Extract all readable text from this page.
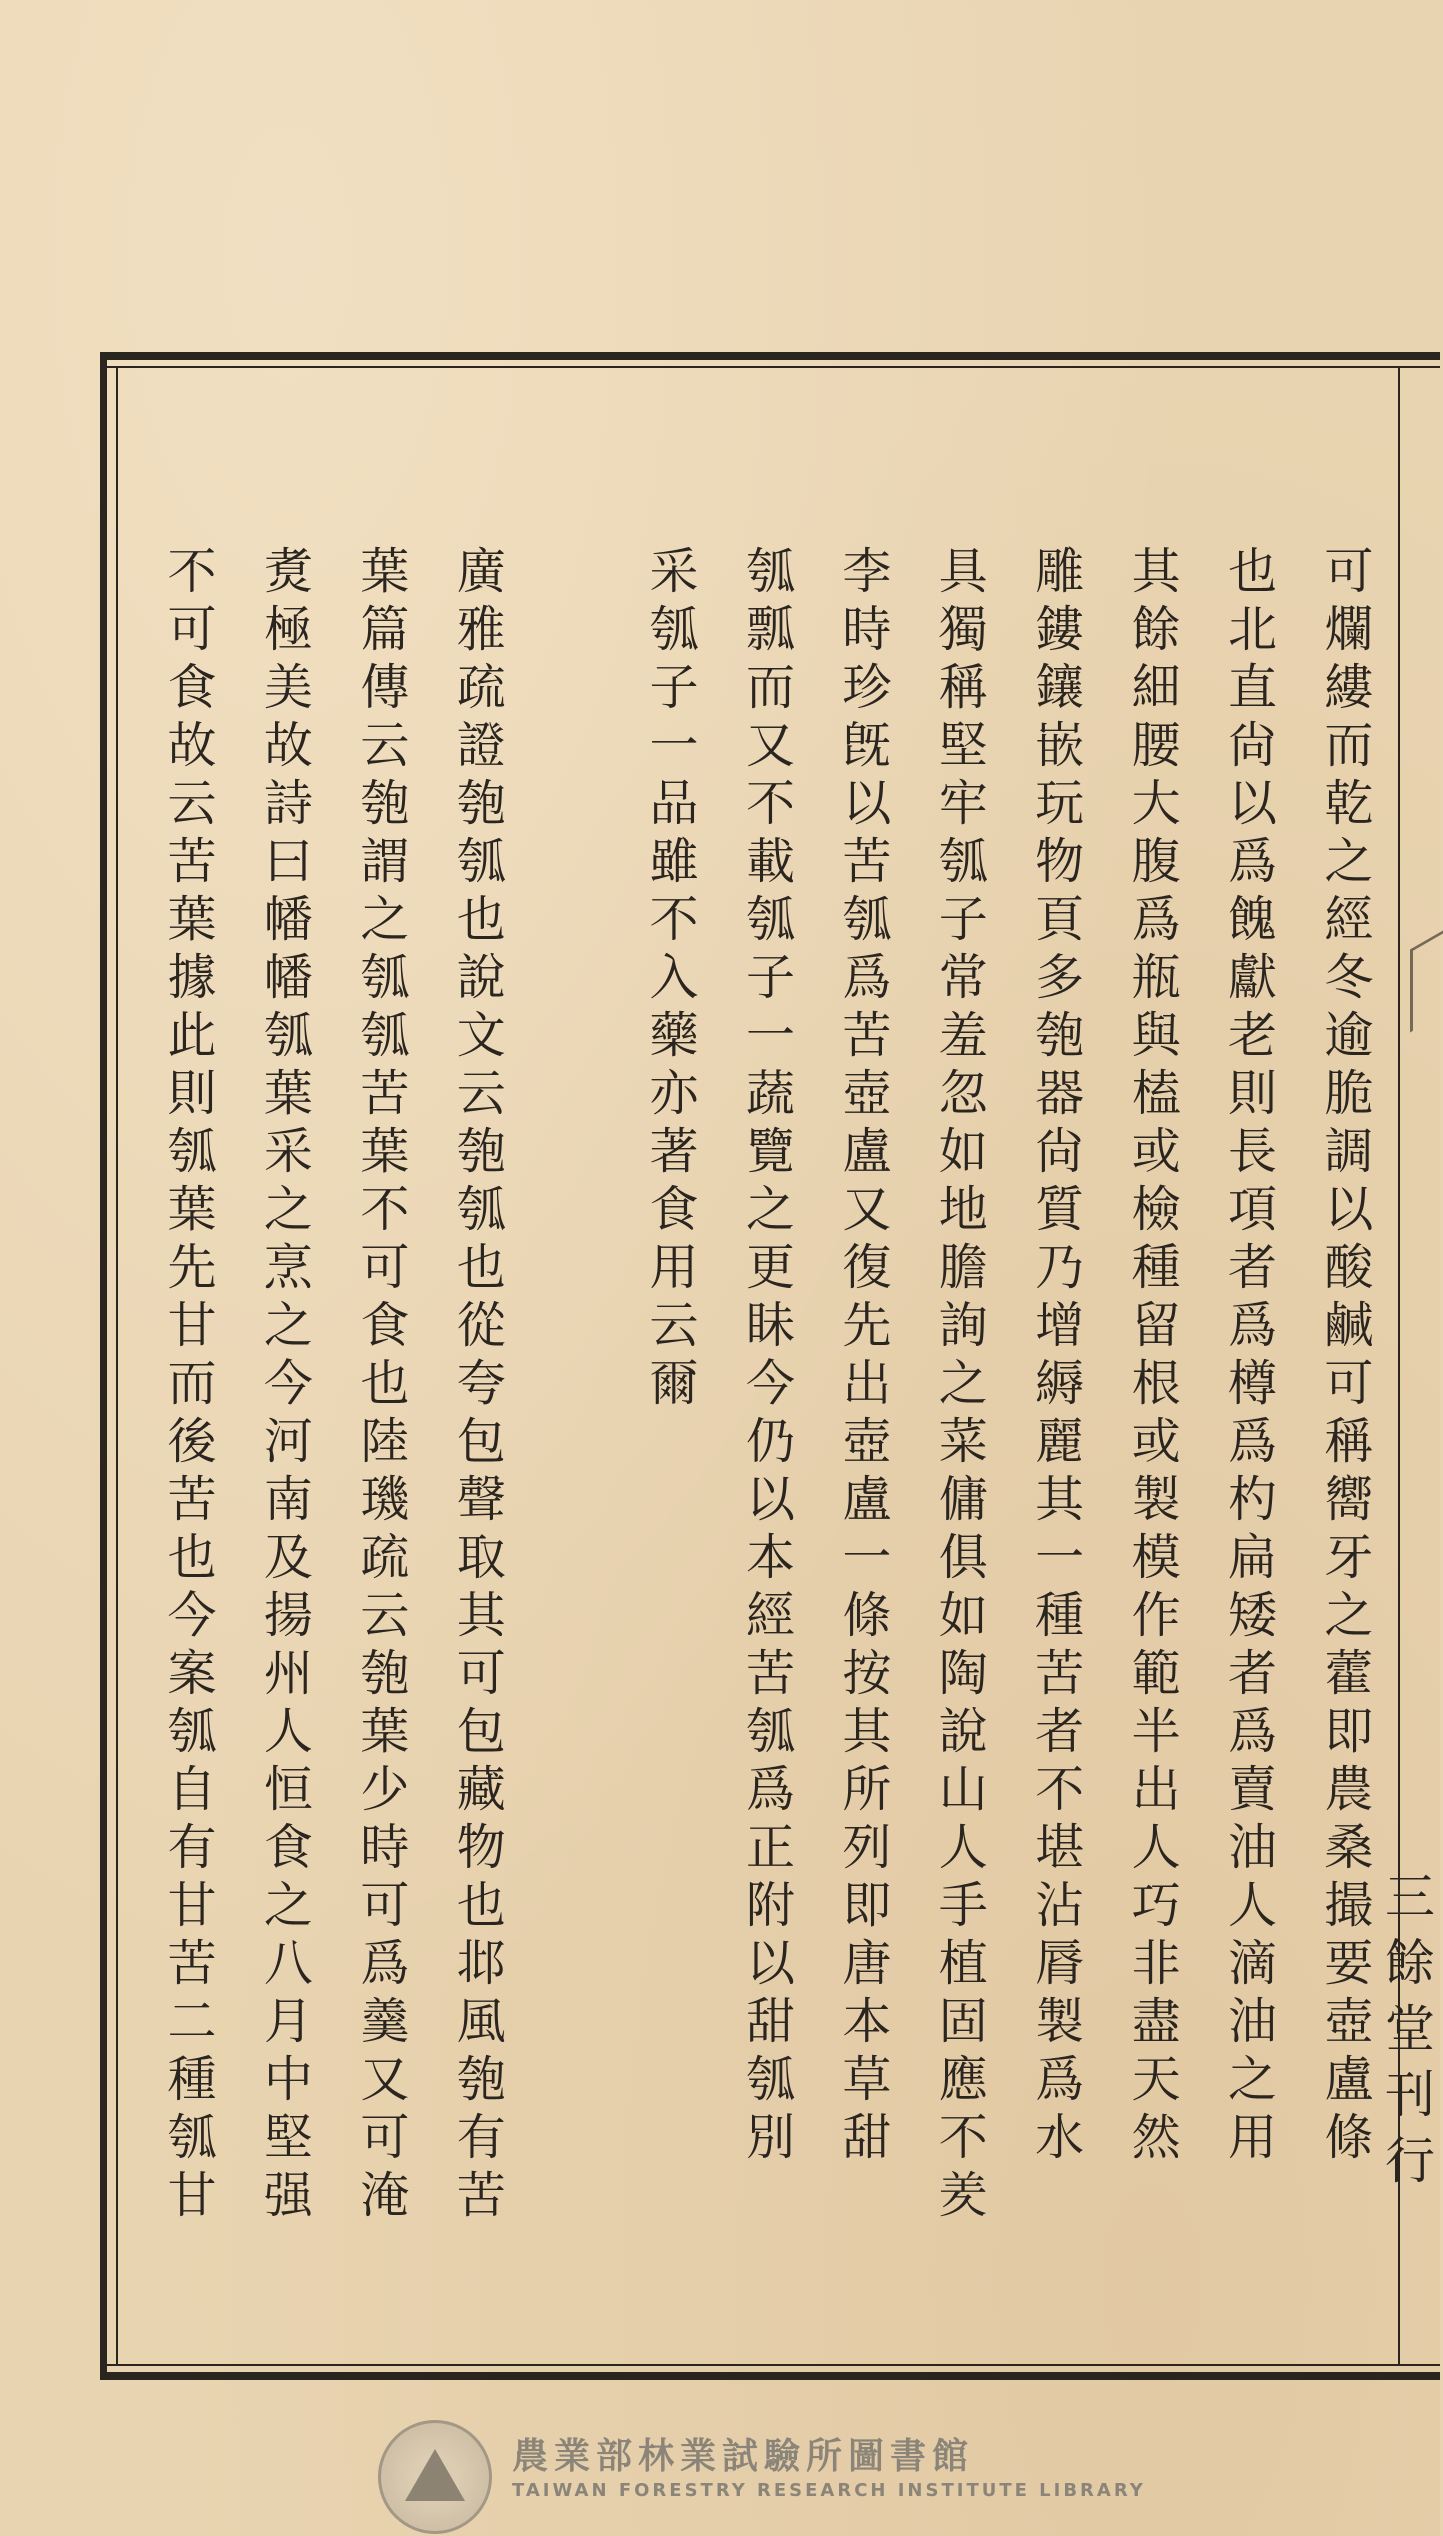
可爛縷而乾之經冬逾脆調以酸鹹可稱嚮牙之藿即農桑撮要壺盧條
也北直尙以爲餽獻老則長項者爲樽爲杓扁矮者爲賣油人滴油之用
其餘細腰大腹爲瓶與榼或檢種留根或製模作範半出人巧非盡天然
雕鏤鑲嵌玩物頁多匏器尙質乃增縟麗其一種苦者不堪沾脣製爲水
具獨稱堅牢瓠子常羞忽如地膽詢之菜傭俱如陶說山人手植固應不羑
李時珍旣以苦瓠爲苦壺盧又復先出壺盧一條按其所列即唐本草甜
瓠瓢而又不載瓠子一蔬覽之更眛今仍以本經苦瓠爲正附以甜瓠別
采瓠子一品雖不入藥亦著食用云爾
廣雅疏證匏瓠也說文云匏瓠也從夸包聲取其可包藏物也邶風匏有苦
葉篇傳云匏謂之瓠瓠苦葉不可食也陸璣疏云匏葉少時可爲羹又可淹
煑極美故詩曰幡幡瓠葉采之烹之今河南及揚州人恒食之八月中堅强
不可食故云苦葉據此則瓠葉先甘而後苦也今案瓠自有甘苦二種瓠甘
農業部林業試驗所圖書館
TAIWAN FORESTRY RESEARCH INSTITUTE LIBRARY
